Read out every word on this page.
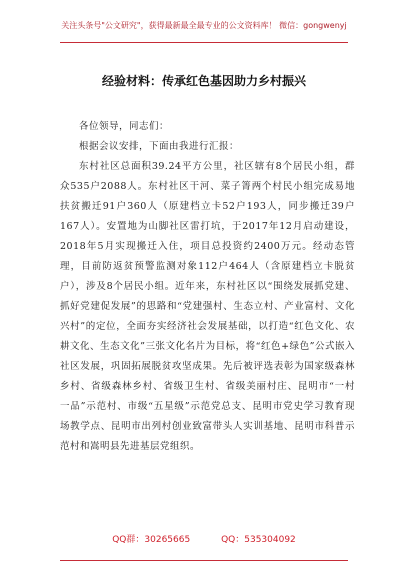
关注头条号"公文研究"，获得最新最全最专业的公文资料库！ 微信：gongwenyj
经验材料：传承红色基因助力乡村振兴

各位领导，同志们：

根据会议安排，下面由我进行汇报：

东村社区总面积39.24平方公里，社区辖有8个居民小组，群众535户2088人。东村社区干河、菜子箐两个村民小组完成易地扶贫搬迁91户360人（原建档立卡52户193人，同步搬迁39户167人）。安置地为山脚社区雷打坑，于2017年12月启动建设，2018年5月实现搬迁入住，项目总投资约2400万元。经动态管理，目前防返贫预警监测对象112户464人（含原建档立卡脱贫户），涉及8个居民小组。近年来，东村社区以“围绕发展抓党建、抓好党建促发展”的思路和“党建强村、生态立村、产业富村、文化兴村”的定位，全面夯实经济社会发展基础，以打造“红色文化、农耕文化、生态文化”三张文化名片为目标，将“红色+绿色”公式嵌入社区发展，巩固拓展脱贫攻坚成果。先后被评选表彰为国家级森林乡村、省级森林乡村、省级卫生村、省级美丽村庄、昆明市“一村一品”示范村、市级“五星级”示范党总支、昆明市党史学习教育现场教学点、昆明市出列村创业致富带头人实训基地、昆明市科普示范村和嵩明县先进基层党组织。

QQ群：30265665	QQ：535304092
